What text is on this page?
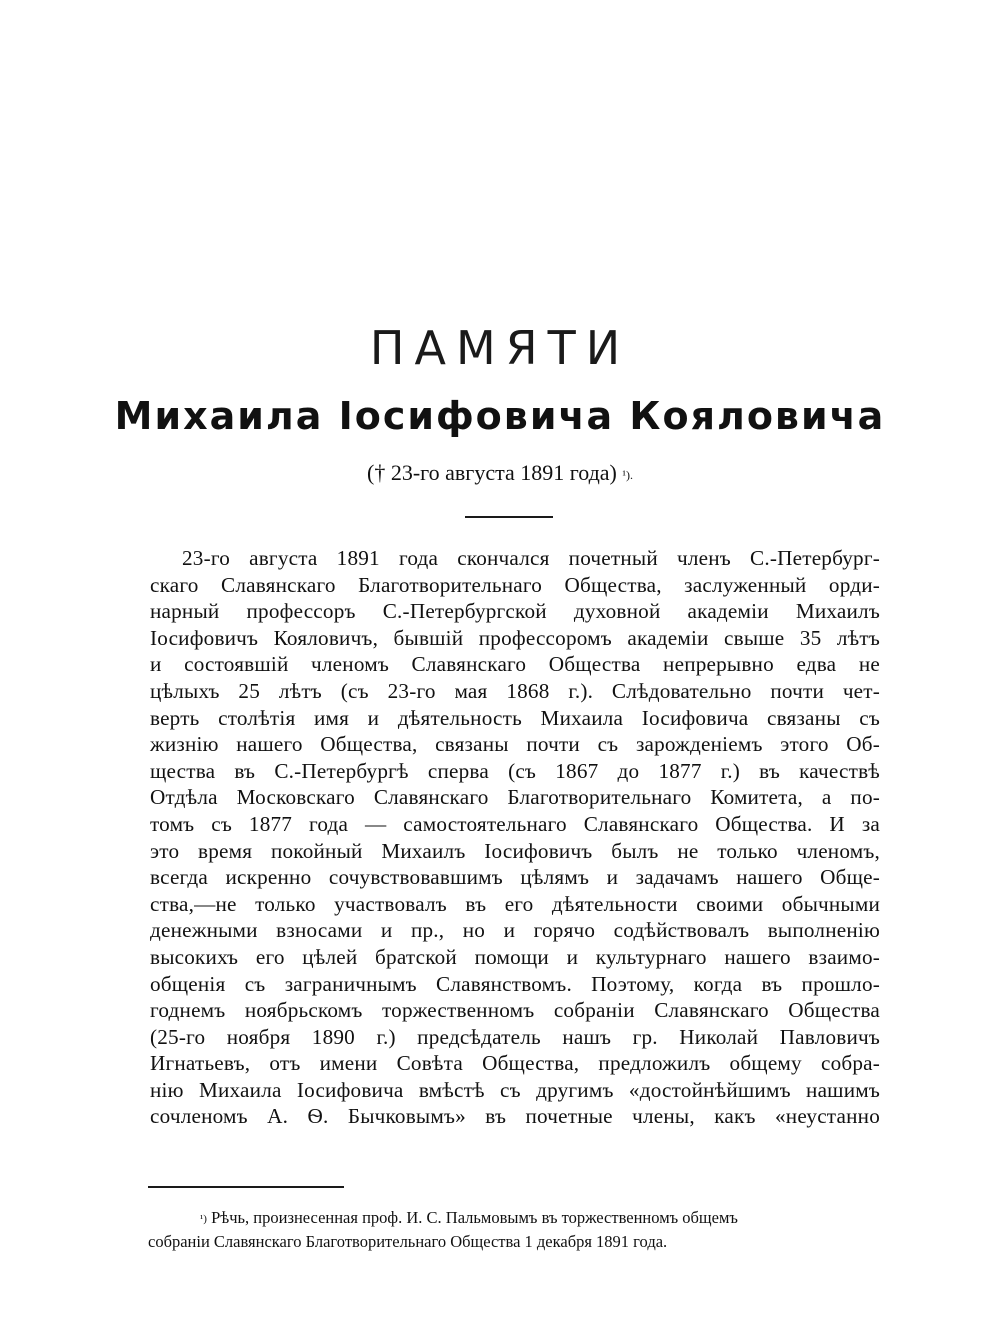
ПАМЯТИ
Михаила Іосифовича Кояловича
(† 23-го августа 1891 года) $^{^1).}$
23-го августа 1891 года скончался почетный членъ С.-Петербург-
скаго Славянскаго Благотворительнаго Общества, заслуженный орди-
нарный профессоръ С.-Петербургской духовной академіи Михаилъ
Іосифовичъ Кояловичъ, бывшій профессоромъ академіи свыше 35 лѣтъ
и состоявшій членомъ Славянскаго Общества непрерывно едва не
цѣлыхъ 25 лѣтъ (съ 23-го мая 1868 г.). Слѣдовательно почти чет-
верть столѣтія имя и дѣятельность Михаила Іосифовича связаны съ
жизнію нашего Общества, связаны почти съ зарожденіемъ этого Об-
щества въ С.-Петербургѣ сперва (съ 1867 до 1877 г.) въ качествѣ
Отдѣла Московскаго Славянскаго Благотворительнаго Комитета, а по-
томъ съ 1877 года — самостоятельнаго Славянскаго Общества. И за
это время покойный Михаилъ Іосифовичъ былъ не только членомъ,
всегда искренно сочувствовавшимъ цѣлямъ и задачамъ нашего Обще-
ства,—не только участвовалъ въ его дѣятельности своими обычными
денежными взносами и пр., но и горячо содѣйствовалъ выполненію
высокихъ его цѣлей братской помощи и культурнаго нашего взаимо-
общенія съ заграничнымъ Славянствомъ. Поэтому, когда въ прошло-
годнемъ ноябрьскомъ торжественномъ собраніи Славянскаго Общества
(25-го ноября 1890 г.) предсѣдатель нашъ гр. Николай Павловичъ
Игнатьевъ, отъ имени Совѣта Общества, предложилъ общему собра-
нію Михаила Іосифовича вмѣстѣ съ другимъ «достойнѣйшимъ нашимъ
сочленомъ А. Ѳ. Бычковымъ» въ почетные члены, какъ «неустанно
$^{^1)}$ Рѣчь, произнесенная проф. И. С. Пальмовымъ въ торжественномъ общемъ
собраніи Славянскаго Благотворительнаго Общества 1 декабря 1891 года.
